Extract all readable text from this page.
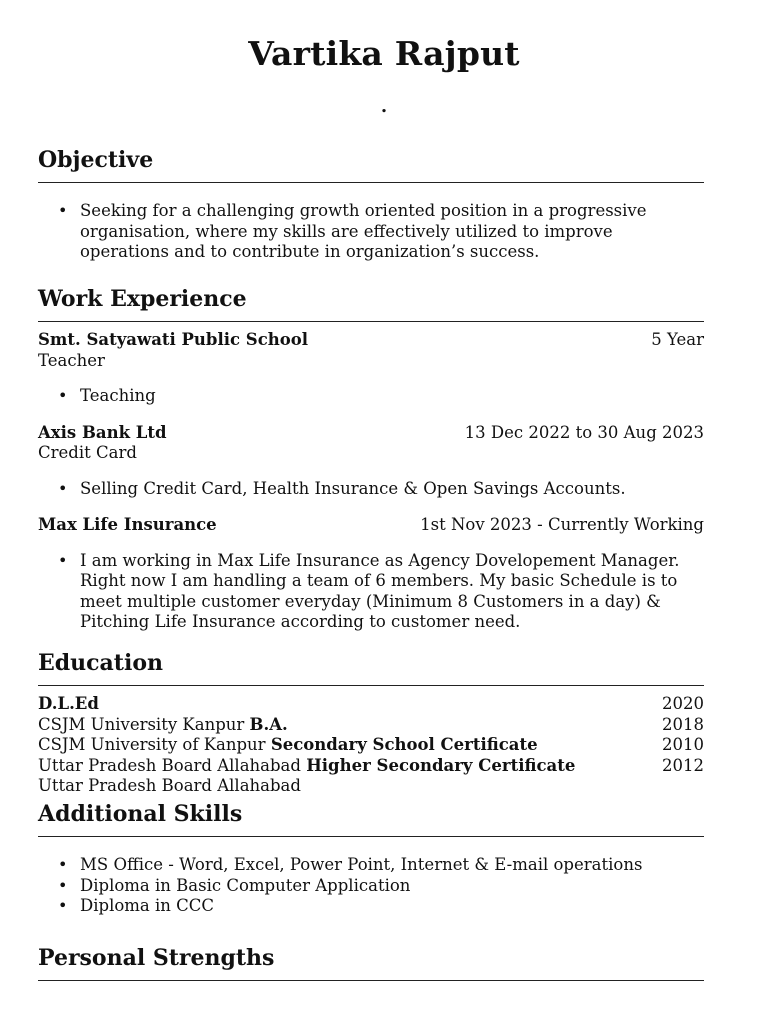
Vartika Rajput
.
Objective
• Seeking for a challenging growth oriented position in a progressive organisation, where my skills are effectively utilized to improve operations and to contribute in organization’s success.
Work Experience
Smt. Satyawati Public School	5 Year
Teacher
• Teaching
Axis Bank Ltd	13 Dec 2022 to 30 Aug 2023
Credit Card
• Selling Credit Card, Health Insurance & Open Savings Accounts.
Max Life Insurance	1st Nov 2023 - Currently Working
• I am working in Max Life Insurance as Agency Dovelopement Manager. Right now I am handling a team of 6 members. My basic Schedule is to meet multiple customer everyday (Minimum 8 Customers in a day) & Pitching Life Insurance according to customer need.
Education
D.L.Ed	2020
CSJM University Kanpur B.A.	2018
CSJM University of Kanpur Secondary School Certificate	2010
Uttar Pradesh Board Allahabad Higher Secondary Certificate	2012
Uttar Pradesh Board Allahabad
Additional Skills
• MS Office - Word, Excel, Power Point, Internet & E-mail operations
• Diploma in Basic Computer Application
• Diploma in CCC
Personal Strengths
